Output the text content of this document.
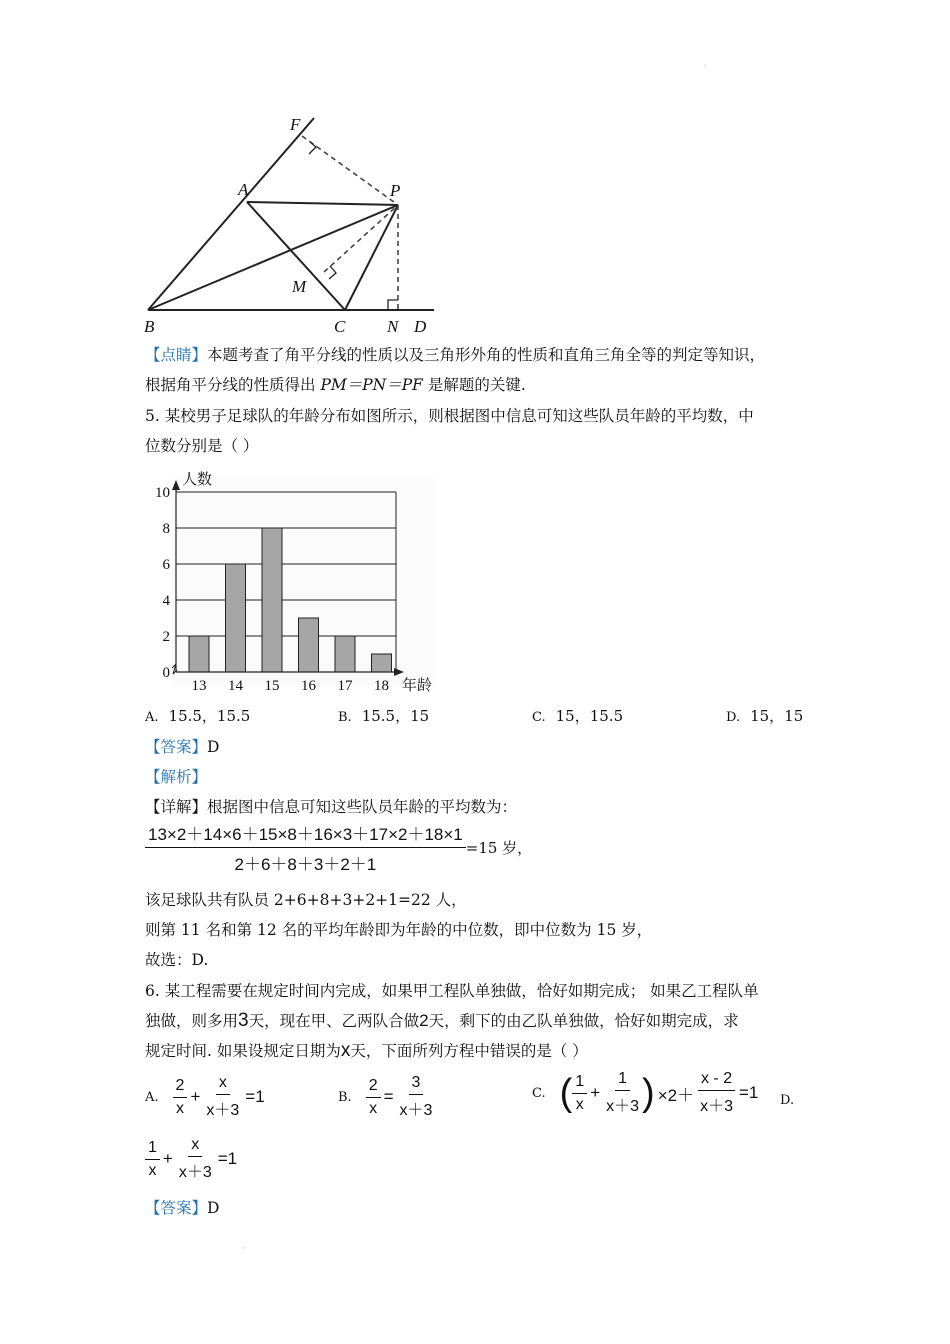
·
·
F
A	P
M
B	C N D
【点睛】本题考查了角平分线的性质以及三角形外角的性质和直角三角全等的判定等知识，
根据角平分线的性质得出 PM＝PN＝PF 是解题的关键.
5. 某校男子足球队的年龄分布如图所示，则根据图中信息可知这些队员年龄的平均数，中
位数分别是（ ）
0
2
4
6
8
10
13 14 15 16 17 18
人数
年龄
A. 15.5，15.5	B. 15.5，15	C. 15，15.5	D. 15，15
【答案】D
【解析】
【详解】根据图中信息可知这些队员年龄的平均数为：
$\frac{13\times 2+14\times 6+15\times 8+16\times 3+17\times 2+18\times 1}{2+6+8+3+2+1} =15$ 岁，
该足球队共有队员 2+6+8+3+2+1=22 人，
则第 11 名和第 12 名的平均年龄即为年龄的中位数，即中位数为 15 岁，
故选：D.
6. 某工程需要在规定时间内完成，如果甲工程队单独做，恰好如期完成； 如果乙工程队单
独做，则多用3天，现在甲、乙两队合做2天，剩下的由乙队单独做，恰好如期完成，求
规定时间. 如果设规定日期为x天，下面所列方程中错误的是（ ）
A. $\frac{2}{x} + \frac{x}{x+3} =1$	B. $\frac{2}{x} = \frac{3}{x+3}$	C. ( $\frac{1}{x} + \frac{1}{x+3}$ ) $\times 2+ \frac{x - 2}{x+3} =1$ D.
$\frac{1}{x} + \frac{x}{x+3} =1$
【答案】D
